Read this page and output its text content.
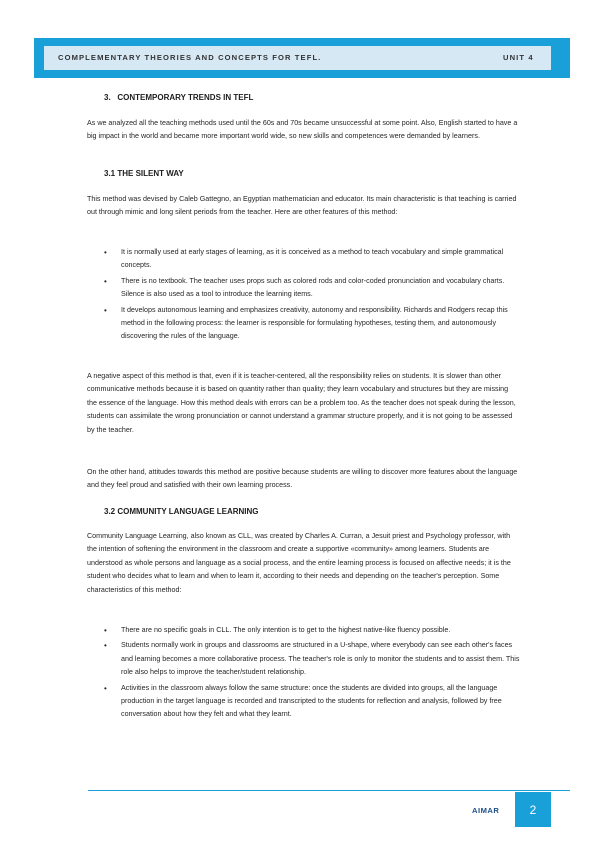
COMPLEMENTARY THEORIES AND CONCEPTS FOR TEFL.	UNIT 4
3.   CONTEMPORARY TRENDS IN TEFL

As we analyzed all the teaching methods used until the 60s and 70s became unsuccessful at some point. Also, English started to have a big impact in the world and became more important world wide, so new skills and competences were demanded by learners.

3.1 THE SILENT WAY

This method was devised by Caleb Gattegno, an Egyptian mathematician and educator. Its main characteristic is that teaching is carried out through mimic and long silent periods from the teacher. Here are other features of this method:

• It is normally used at early stages of learning, as it is conceived as a method to teach vocabulary and simple grammatical concepts.
• There is no textbook. The teacher uses props such as colored rods and color-coded pronunciation and vocabulary charts. Silence is also used as a tool to introduce the learning items.
• It develops autonomous learning and emphasizes creativity, autonomy and responsibility. Richards and Rodgers recap this method in the following process: the learner is responsible for formulating hypotheses, testing them, and autonomously discovering the rules of the language.

A negative aspect of this method is that, even if it is teacher-centered, all the responsibility relies on students. It is slower than other communicative methods because it is based on quantity rather than quality; they learn vocabulary and structures but they are missing the essence of the language. How this method deals with errors can be a problem too. As the teacher does not speak during the lesson, students can assimilate the wrong pronunciation or cannot understand a grammar structure properly, and it is not going to be assessed by the teacher.

On the other hand, attitudes towards this method are positive because students are willing to discover more features about the language and they feel proud and satisfied with their own learning process.

3.2 COMMUNITY LANGUAGE LEARNING

Community Language Learning, also known as CLL, was created by Charles A. Curran, a Jesuit priest and Psychology professor, with the intention of softening the environment in the classroom and create a supportive «community» among learners. Students are understood as whole persons and language as a social process, and the entire learning process is focused on affective needs; it is the student who decides what to learn and when to learn it, according to their needs and depending on the teacher's perception. Some characteristics of this method:

• There are no specific goals in CLL. The only intention is to get to the highest native-like fluency possible.
• Students normally work in groups and classrooms are structured in a U-shape, where everybody can see each other's faces and learning becomes a more collaborative process. The teacher's role is only to monitor the students and to assist them. This role also helps to improve the teacher/student relationship.
• Activities in the classroom always follow the same structure: once the students are divided into groups, all the language production in the target language is recorded and transcripted to the students for reflection and analysis, followed by free conversation about how they felt and what they learnt.
AIMAR	2
